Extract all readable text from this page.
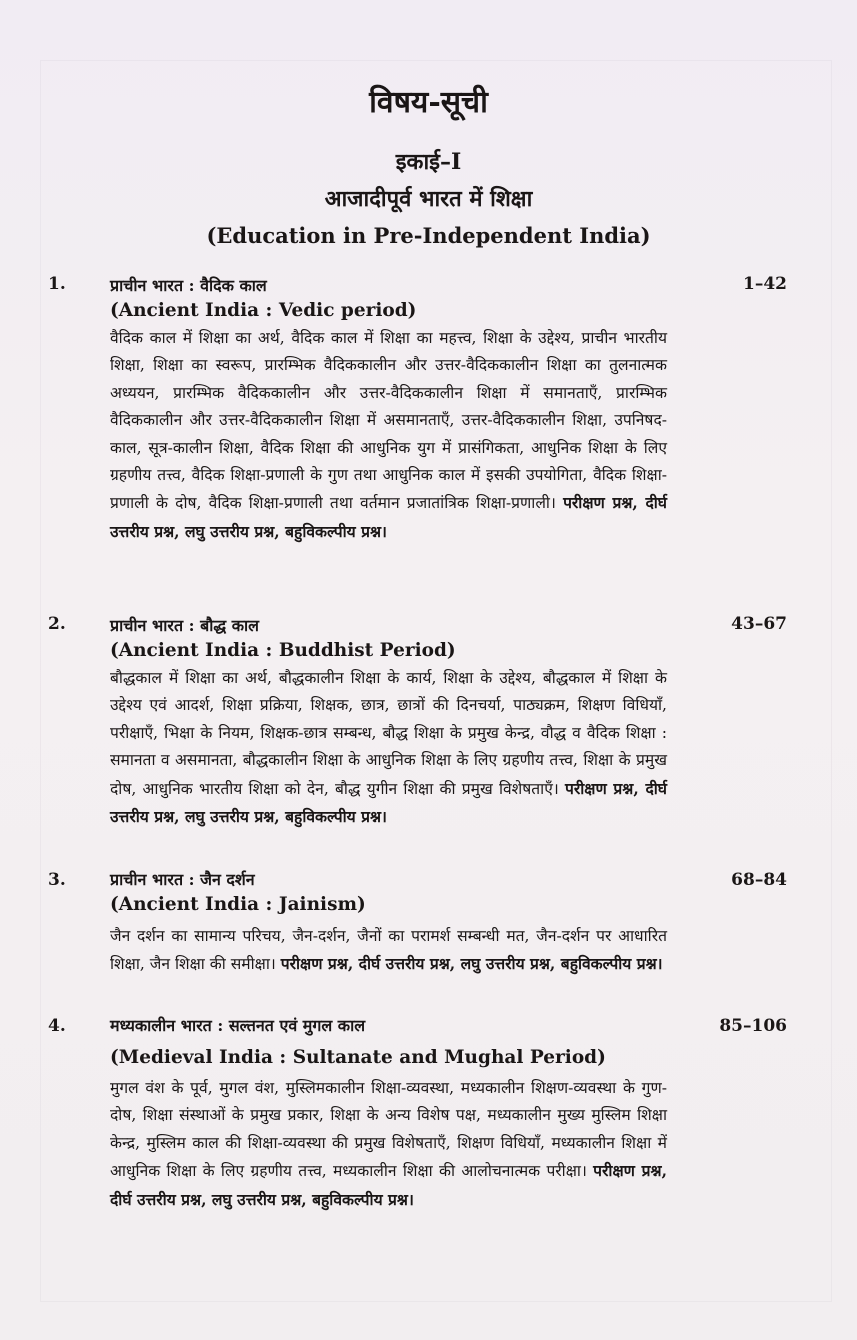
विषय-सूची
इकाई–I
आजादीपूर्व भारत में शिक्षा
(Education in Pre-Independent India)
1.	प्राचीन भारत : वैदिक काल	1–42
(Ancient India : Vedic period)
वैदिक काल में शिक्षा का अर्थ, वैदिक काल में शिक्षा का महत्त्व, शिक्षा के उद्देश्य, प्राचीन भारतीय शिक्षा, शिक्षा का स्वरूप, प्रारम्भिक वैदिककालीन और उत्तर-वैदिककालीन शिक्षा का तुलनात्मक अध्ययन, प्रारम्भिक वैदिककालीन और उत्तर-वैदिककालीन शिक्षा में समानताएँ, प्रारम्भिक वैदिककालीन और उत्तर-वैदिककालीन शिक्षा में असमानताएँ, उत्तर-वैदिककालीन शिक्षा, उपनिषद-काल, सूत्र-कालीन शिक्षा, वैदिक शिक्षा की आधुनिक युग में प्रासंगिकता, आधुनिक शिक्षा के लिए ग्रहणीय तत्त्व, वैदिक शिक्षा-प्रणाली के गुण तथा आधुनिक काल में इसकी उपयोगिता, वैदिक शिक्षा-प्रणाली के दोष, वैदिक शिक्षा-प्रणाली तथा वर्तमान प्रजातांत्रिक शिक्षा-प्रणाली। परीक्षण प्रश्न, दीर्घ उत्तरीय प्रश्न, लघु उत्तरीय प्रश्न, बहुविकल्पीय प्रश्न।
2.	प्राचीन भारत : बौद्ध काल	43–67
(Ancient India : Buddhist Period)
बौद्धकाल में शिक्षा का अर्थ, बौद्धकालीन शिक्षा के कार्य, शिक्षा के उद्देश्य, बौद्धकाल में शिक्षा के उद्देश्य एवं आदर्श, शिक्षा प्रक्रिया, शिक्षक, छात्र, छात्रों की दिनचर्या, पाठ्यक्रम, शिक्षण विधियाँ, परीक्षाएँ, भिक्षा के नियम, शिक्षक-छात्र सम्बन्ध, बौद्ध शिक्षा के प्रमुख केन्द्र, वौद्ध व वैदिक शिक्षा : समानता व असमानता, बौद्धकालीन शिक्षा के आधुनिक शिक्षा के लिए ग्रहणीय तत्त्व, शिक्षा के प्रमुख दोष, आधुनिक भारतीय शिक्षा को देन, बौद्ध युगीन शिक्षा की प्रमुख विशेषताएँ। परीक्षण प्रश्न, दीर्घ उत्तरीय प्रश्न, लघु उत्तरीय प्रश्न, बहुविकल्पीय प्रश्न।
3.	प्राचीन भारत : जैन दर्शन	68–84
(Ancient India : Jainism)
जैन दर्शन का सामान्य परिचय, जैन-दर्शन, जैनों का परामर्श सम्बन्धी मत, जैन-दर्शन पर आधारित शिक्षा, जैन शिक्षा की समीक्षा। परीक्षण प्रश्न, दीर्घ उत्तरीय प्रश्न, लघु उत्तरीय प्रश्न, बहुविकल्पीय प्रश्न।
4.	मध्यकालीन भारत : सल्तनत एवं मुगल काल	85–106
(Medieval India : Sultanate and Mughal Period)
मुगल वंश के पूर्व, मुगल वंश, मुस्लिमकालीन शिक्षा-व्यवस्था, मध्यकालीन शिक्षण-व्यवस्था के गुण-दोष, शिक्षा संस्थाओं के प्रमुख प्रकार, शिक्षा के अन्य विशेष पक्ष, मध्यकालीन मुख्य मुस्लिम शिक्षा केन्द्र, मुस्लिम काल की शिक्षा-व्यवस्था की प्रमुख विशेषताएँ, शिक्षण विधियाँ, मध्यकालीन शिक्षा में आधुनिक शिक्षा के लिए ग्रहणीय तत्त्व, मध्यकालीन शिक्षा की आलोचनात्मक परीक्षा। परीक्षण प्रश्न, दीर्घ उत्तरीय प्रश्न, लघु उत्तरीय प्रश्न, बहुविकल्पीय प्रश्न।
